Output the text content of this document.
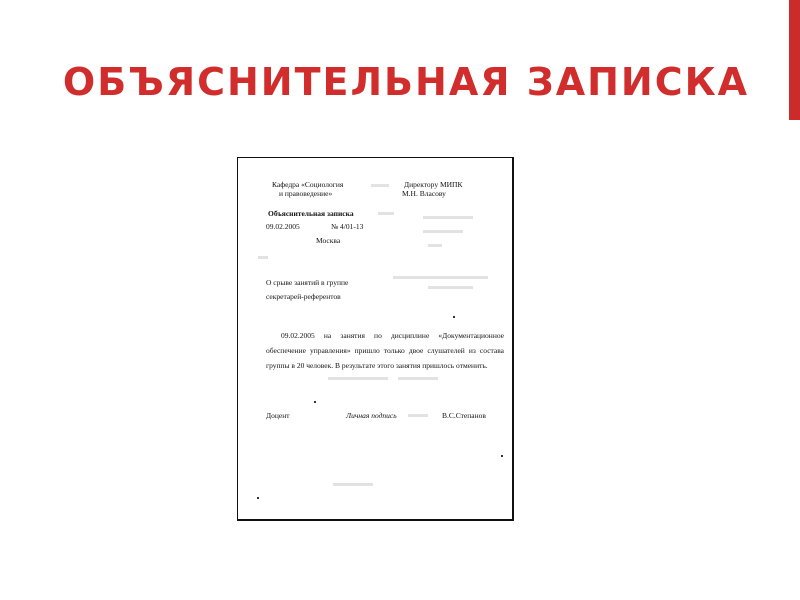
ОБЪЯСНИТЕЛЬНАЯ ЗАПИСКА
Кафедра «Социология
и правоведение»
Директору МИПК
М.Н. Власову
Объяснительная записка
09.02.2005	№ 4/01-13
Москва
О срыве занятий в группе
секретарей-референтов
09.02.2005 на занятия по дисциплине «Документационное обеспечение управления» пришло только двое слушателей из состава группы в 20 человек. В результате этого занятия пришлось отменить.
Доцент	Личная подпись	В.С.Степанов
